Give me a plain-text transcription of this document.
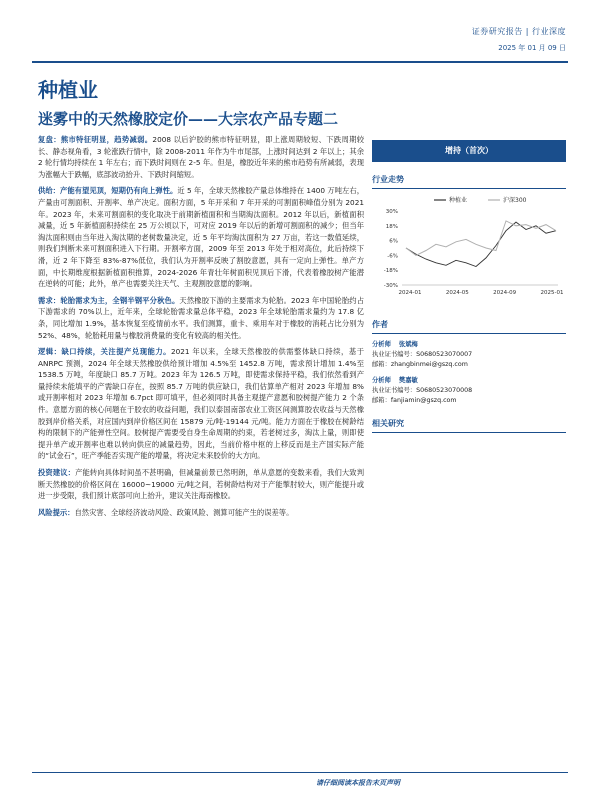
证券研究报告 | 行业深度
2025 年 01 月 09 日
种植业
迷雾中的天然橡胶定价——大宗农产品专题二

复盘：熊市特征明显，趋势减弱。2008 以后沪胶的熊市特征明显，即上涨周期较短、下跌周期较长、静态视角看，3 轮涨跌行情中，除 2008-2011 年作为牛市尾部，上涨时间达到 2 年以上；其余 2 轮行情均持续在 1 年左右；而下跌时间则在 2-5 年。但是，橡胶近年来的熊市趋势有所减弱，表现为涨幅大于跌幅，底部波动抬升、下跌时间缩短。

供给：产能有望见顶，短期仍有向上弹性。近 5 年，全球天然橡胶产量总体维持在 1400 万吨左右，产量由可割面积、开割率、单产决定。面积方面，5 年开采和 7 年开采的可割面积峰值分别为 2021 年。2023 年，未来可割面积的变化取决于前期新植面积和当期淘汰面积。2012 年以后，新植面积减量，近 5 年新植面积持续在 25 万公顷以下，可对应 2019 年以后的新增可割面积的减少；但当年淘汰面积则由当年进入淘汰期的老树数量决定，近 5 年平均淘汰面积为 27 万亩，若这一数值延续，则我们判断未来可割面积进入下行期。开割率方面，2009 年至 2013 年处于相对高位，此后持续下滑，近 2 年下降至 83%-87%低位，我们认为开割率反映了割胶意愿，具有一定向上弹性。单产方面，中长期维度根据新植面积推算，2024-2026 年青壮年树面积见顶后下滑，代表着橡胶树产能潜在逆转的可能；此外，单产也需要关注天气、主观割胶意愿的影响。

需求：轮胎需求为主，全钢半钢平分秋色。天然橡胶下游的主要需求为轮胎。2023 年中国轮胎约占下游需求的 70%以上，近年来，全球轮胎需求量总体平稳，2023 年全球轮胎需求量约为 17.8 亿条，同比增加 1.9%，基本恢复至疫情前水平。我们测算，重卡、乘用车对于橡胶的消耗占比分别为 52%、48%，轮胎耗用量与橡胶消费量的变化有较高的相关性。

逻辑：缺口持续，关注提产兑现能力。2021 年以来，全球天然橡胶的供需整体缺口持续，基于 ANRPC 预测，2024 年全球天然橡胶供给预计增加 4.5%至 1452.8 万吨，需求预计增加 1.4%至 1538.5 万吨，年度缺口 85.7 万吨。2023 年为 126.5 万吨，即使需求保持平稳，我们依然看到产量持续未能填平的产需缺口存在，按照 85.7 万吨的供应缺口，我们估算单产相对 2023 年增加 8%或开割率相对 2023 年增加 6.7pct 即可填平，但必须同时具备主观提产意愿和胶树提产能力 2 个条件。意愿方面的核心问题在于胶农的收益问题，我们以泰国南部农业工资区间测算胶农收益与天然橡胶到岸价格关系，对应国内到岸价格区间在 15879 元/吨-19144 元/吨。能力方面在于橡胶在树龄结构的限制下的产能弹性空间。胶树提产需要受自身生命周期的约束，若老树过多，淘汰上量，则即使提升单产或开割率也难以转向供应的减量趋势，因此，当前价格中枢的上移反而是主产国实际产能的“试金石”，旺产季能否实现产能的增量，将决定未来胶价的大方向。

投资建议：产能转向具体时间虽不甚明确，但减量前景已然明朗，单从意愿的变数来看，我们大致判断天然橡胶的价格区间在 16000~19000 元/吨之间，若树龄结构对于产能掣肘较大，则产能提升或进一步受限，我们预计底部可向上抬升，建议关注海南橡胶。

风险提示：自然灾害、全球经济波动风险、政策风险、测算可能产生的误差等。

增持（首次）
行业走势
30%
18%
6%
-6%
-18%
-30%
2024-01	2024-05	2024-09	2025-01
种植业	沪深300
作者
分析师 张斌梅
执业证书编号：S0680523070007
邮箱：zhangbinmei@gszq.com
分析师 樊嘉敏
执业证书编号：S0680523070008
邮箱：fanjiamin@gszq.com
相关研究
请仔细阅读本报告末页声明
